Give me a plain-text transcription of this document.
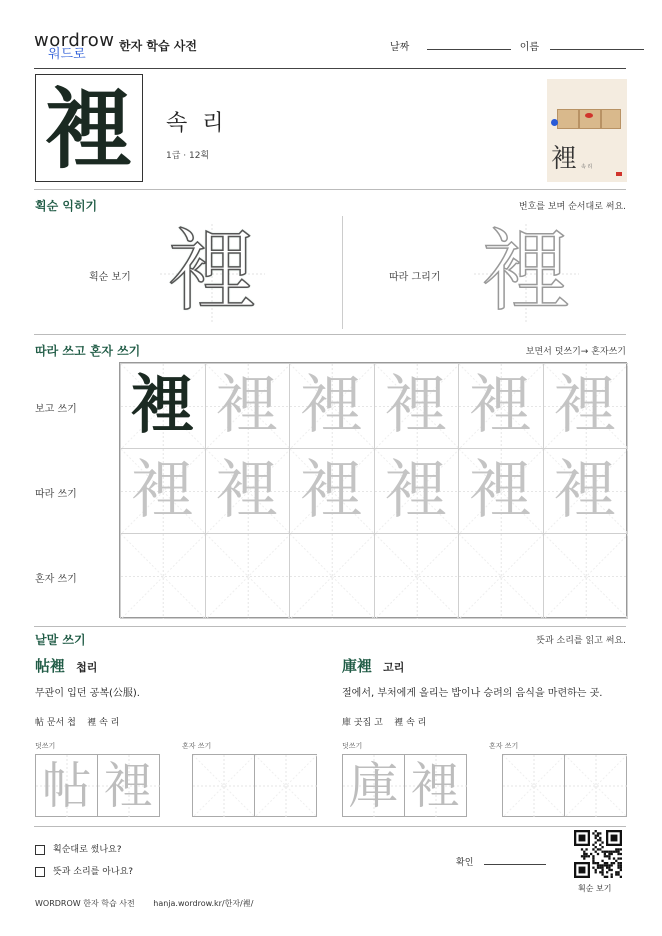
wordrow
워드로
한자 학습 사전	날짜	이름
裡	속 리
1급 · 12획	裡 속 리
획순 익히기	번호를 보며 순서대로 써요.
획순 보기 裡	따라 그리기 裡
따라 쓰고 혼자 쓰기	보면서 덧쓰기→ 혼자쓰기
보고 쓰기
따라 쓰기
혼자 쓰기
裡 裡 裡 裡 裡 裡
裡 裡 裡 裡 裡 裡
낱말 쓰기	뜻과 소리를 읽고 써요.
帖裡 첩리
무관이 입던 공복(公服).
帖 문서 첩    裡 속 리
덧쓰기	혼자 쓰기
庫裡 고리
절에서, 부처에게 올리는 밥이나 승려의 음식을 마련하는 곳.
庫 곳집 고    裡 속 리
덧쓰기	혼자 쓰기
帖 裡	庫 裡
획순대로 썼나요?
뜻과 소리를 아나요?
확인
획순 보기
WORDROW 한자 학습 사전 hanja.wordrow.kr/한자/裡/
